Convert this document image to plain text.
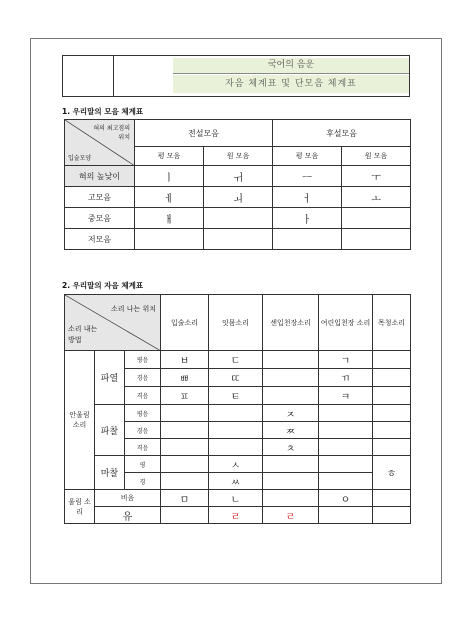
국어의 음운
자음 체계표 및 단모음 체계표
1. 우리말의 모음 체계표
혀의 최고점의 위치
입술모양	전설모음		후설모음	
	평 모음	원 모음	평 모음	원 모음
혀의 높낮이	ㅣ	ㅟ	ㅡ	ㅜ
고모음	ㅔ	ㅚ	ㅓ	ㅗ
중모음	ㅐ		ㅏ	
저모음				
2. 우리말의 자음 체계표
소리 나는 위치
소리 내는 방법			입술소리	잇몸소리	센입천장소리	여린입천장 소리	목청소리
안울림 소리	파열	평음	ㅂ	ㄷ		ㄱ	
		경음	ㅃ	ㄸ		ㄲ	
		격음	ㅍ	ㅌ		ㅋ	
	파찰	평음			ㅈ		
		경음			ㅉ		
		격음			ㅊ		
	마찰	평		ㅅ			ㅎ
		경		ㅆ			
울림 소리	비음		ㅁ	ㄴ		ㅇ	
	유			ㄹ	ㄹ		
